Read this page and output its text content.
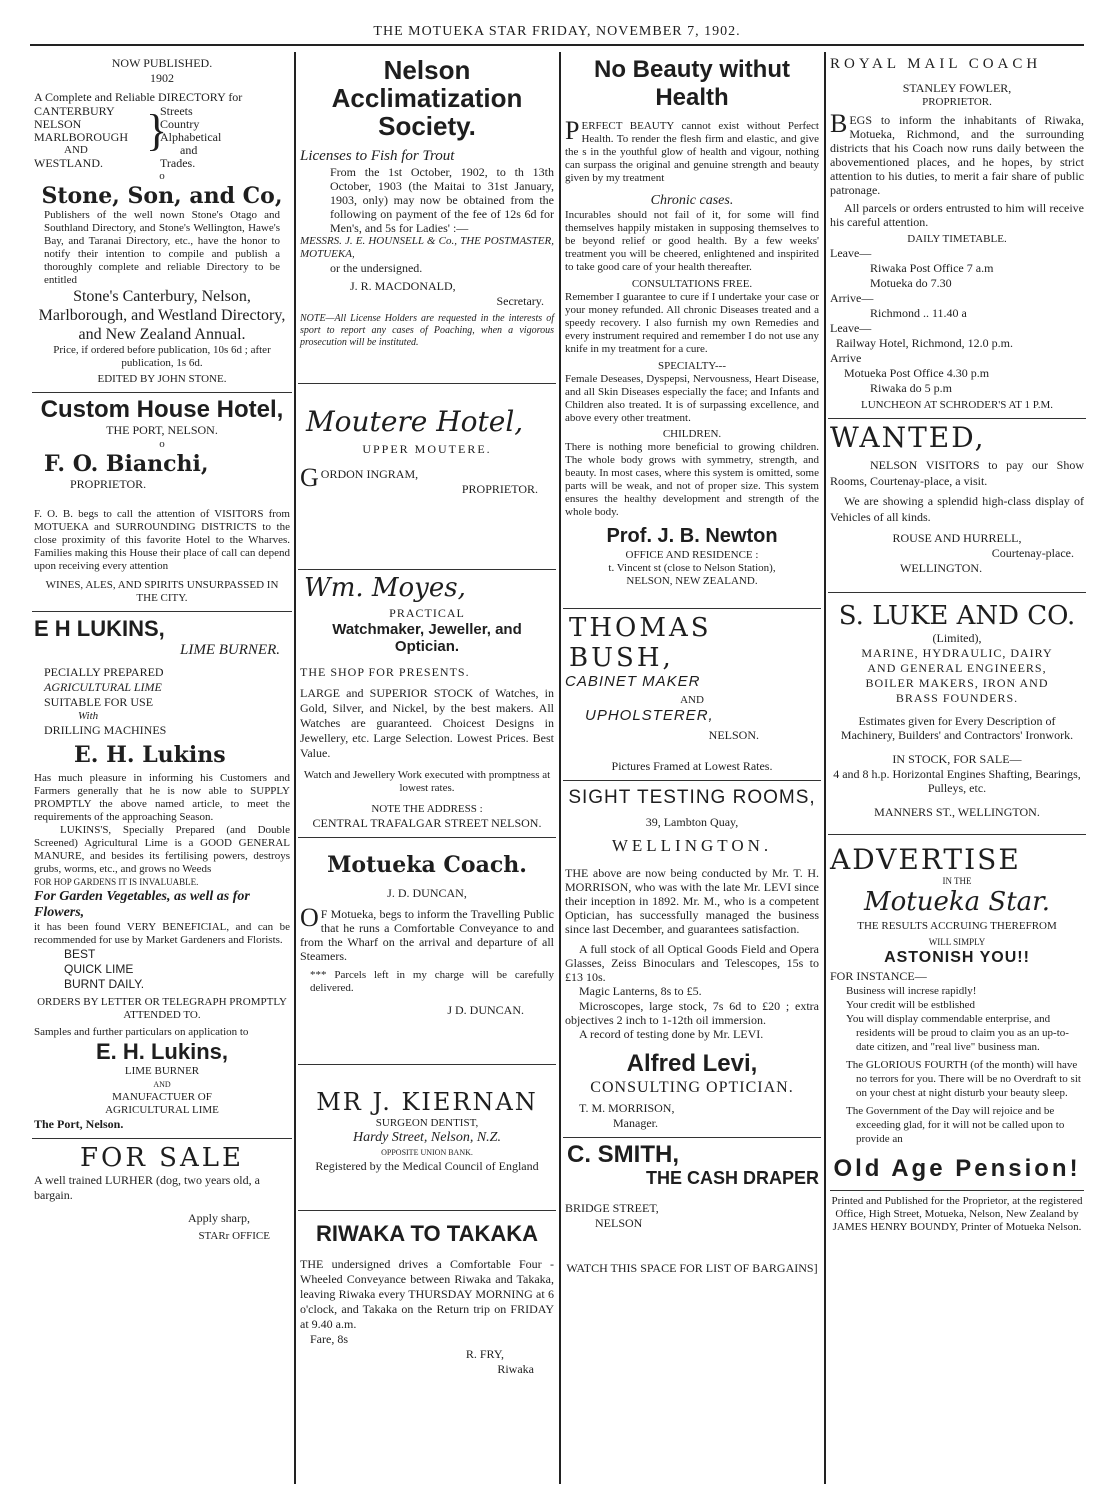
THE MOTUEKA STAR FRIDAY, NOVEMBER 7, 1902.
NOW PUBLISHED.
1902
A Complete and Reliable DIRECTORY for
CANTERBURY
NELSON
MARLBOROUGH
AND
WESTLAND.
}
Streets
Country
Alphabetical
and
Trades.
o
Stone, Son, and Co,
Publishers of the well nown Stone's Otago and Southland Directory, and Stone's Wellington, Hawe's Bay, and Taranai Directory, etc., have the honor to notify their intention to compile and publish a thoroughly complete and reliable Directory to be entitled
Stone's Canterbury, Nelson, Marlborough, and Westland Directory, and New Zealand Annual.
Price, if ordered before publication, 10s 6d ; after publication, 1s 6d.
EDITED BY JOHN STONE.
Custom House Hotel,
THE PORT, NELSON.
o
F. O. Bianchi,
PROPRIETOR.
F. O. B. begs to call the attention of VISITORS from MOTUEKA and SURROUNDING DISTRICTS to the close proximity of this favorite Hotel to the Wharves. Families making this House their place of call can depend upon receiving every attention
WINES, ALES, AND SPIRITS UNSURPASSED IN THE CITY.
E H LUKINS,
LIME BURNER.
PECIALLY PREPARED
AGRICULTURAL LIME
SUITABLE FOR USE
With
DRILLING MACHINES
E. H. Lukins
Has much pleasure in informing his Customers and Farmers generally that he is now able to SUPPLY PROMPTLY the above named article, to meet the requirements of the approaching Season.
LUKINS'S, Specially Prepared (and Double Screened) Agricultural Lime is a GOOD GENERAL MANURE, and besides its fertilising powers, destroys grubs, worms, etc., and grows no Weeds
FOR HOP GARDENS IT IS INVALUABLE.
For Garden Vegetables, as well as for Flowers,
it has been found VERY BENEFICIAL, and can be recommended for use by Market Gardeners and Florists.
BEST
QUICK LIME
BURNT DAILY.
ORDERS BY LETTER OR TELEGRAPH PROMPTLY ATTENDED TO.
Samples and further particulars on application to
E. H. Lukins,
LIME BURNER
AND
MANUFACTUER OF
AGRICULTURAL LIME
The Port, Nelson.
FOR SALE
A well trained LURHER (dog, two years old, a bargain.
Apply sharp,
STARr OFFICE
Nelson Acclimatization Society.
Licenses to Fish for Trout
From the 1st October, 1902, to th 13th October, 1903 (the Maitai to 31st January, 1903, only) may now be obtained from the following on payment of the fee of 12s 6d for Men's, and 5s for Ladies' :—
MESSRS. J. E. HOUNSELL & Co., THE POSTMASTER, MOTUEKA,
or the undersigned.
J. R. MACDONALD,
Secretary.
NOTE—All License Holders are requested in the interests of sport to report any cases of Poaching, when a vigorous prosecution will be instituted.
Moutere Hotel,
UPPER MOUTERE.
GORDON INGRAM,
PROPRIETOR.
Wm. Moyes,
PRACTICAL
Watchmaker, Jeweller, and Optician.
THE SHOP FOR PRESENTS.
LARGE and SUPERIOR STOCK of Watches, in Gold, Silver, and Nickel, by the best makers. All Watches are guaranteed. Choicest Designs in Jewellery, etc. Large Selection. Lowest Prices. Best Value.
Watch and Jewellery Work executed with promptness at lowest rates.
NOTE THE ADDRESS :
CENTRAL TRAFALGAR STREET NELSON.
Motueka Coach.
J. D. DUNCAN,
OF Motueka, begs to inform the Travelling Public that he runs a Comfortable Conveyance to and from the Wharf on the arrival and departure of all Steamers.
*** Parcels left in my charge will be carefully delivered.
J D. DUNCAN.
MR J. KIERNAN
SURGEON DENTIST,
Hardy Street, Nelson, N.Z.
OPPOSITE UNION BANK.
Registered by the Medical Council of England
RIWAKA TO TAKAKA
THE undersigned drives a Comfortable Four - Wheeled Conveyance between Riwaka and Takaka, leaving Riwaka every THURSDAY MORNING at 6 o'clock, and Takaka on the Return trip on FRIDAY at 9.40 a.m.
Fare, 8s
R. FRY,
Riwaka
No Beauty withut Health
PERFECT BEAUTY cannot exist without Perfect Health. To render the flesh firm and elastic, and give the s in the youthful glow of health and vigour, nothing can surpass the original and genuine strength and beauty given by my treatment
Chronic cases.
Incurables should not fail of it, for some will find themselves happily mistaken in supposing themselves to be beyond relief or good health. By a few weeks' treatment you will be cheered, enlightened and inspirited to take good care of your health thereafter.
CONSULTATIONS FREE.
Remember I guarantee to cure if I undertake your case or your money refunded. All chronic Diseases treated and a speedy recovery. I also furnish my own Remedies and every instrument required and remember I do not use any knife in my treatment for a cure.
SPECIALTY---
Female Deseases, Dyspepsi, Nervousness, Heart Disease, and all Skin Diseases especially the face; and Infants and Children also treated. It is of surpassing excellence, and above every other treatment.
CHILDREN.
There is nothing more beneficial to growing children. The whole body grows with symmetry, strength, and beauty. In most cases, where this system is omitted, some parts will be weak, and not of proper size. This system ensures the healthy development and strength of the whole body.
Prof. J. B. Newton
OFFICE AND RESIDENCE :
t. Vincent st (close to Nelson Station),
NELSON, NEW ZEALAND.
THOMAS BUSH,
CABINET MAKER
AND
UPHOLSTERER,
NELSON.
Pictures Framed at Lowest Rates.
SIGHT TESTING ROOMS,
39, Lambton Quay,
WELLINGTON.
THE above are now being conducted by Mr. T. H. MORRISON, who was with the late Mr. LEVI since their inception in 1892. Mr. M., who is a competent Optician, has successfully managed the business since last December, and guarantees satisfaction.
A full stock of all Optical Goods Field and Opera Glasses, Zeiss Binoculars and Telescopes, 15s to £13 10s.
Magic Lanterns, 8s to £5.
Microscopes, large stock, 7s 6d to £20 ; extra objectives 2 inch to 1-12th oil immersion.
A record of testing done by Mr. LEVI.
Alfred Levi,
CONSULTING OPTICIAN.
T. M. MORRISON,
Manager.
C. SMITH,
THE CASH DRAPER
BRIDGE STREET,
NELSON
WATCH THIS SPACE FOR LIST OF BARGAINS]
ROYAL MAIL COACH
STANLEY FOWLER,
PROPRIETOR.
BEGS to inform the inhabitants of Riwaka, Motueka, Richmond, and the surrounding districts that his Coach now runs daily between the abovementioned places, and he hopes, by strict attention to his duties, to merit a fair share of public patronage.
All parcels or orders entrusted to him will receive his careful attention.
DAILY TIMETABLE.
Leave—
Riwaka Post Office 7 a.m
Motueka do 7.30
Arrive—
Richmond .. 11.40 a
Leave—
Railway Hotel, Richmond, 12.0 p.m.
Arrive
Motueka Post Office 4.30 p.m
Riwaka do 5 p.m
LUNCHEON AT SCHRODER'S AT 1 P.M.
WANTED,
NELSON VISITORS to pay our Show Rooms, Courtenay-place, a visit.
We are showing a splendid high-class display of Vehicles of all kinds.
ROUSE AND HURRELL,
Courtenay-place.
WELLINGTON.
S. LUKE AND CO.
(Limited),
MARINE, HYDRAULIC, DAIRY
AND GENERAL ENGINEERS,
BOILER MAKERS, IRON AND
BRASS FOUNDERS.
Estimates given for Every Description of Machinery, Builders' and Contractors' Ironwork.
IN STOCK, FOR SALE—
4 and 8 h.p. Horizontal Engines Shafting, Bearings, Pulleys, etc.
MANNERS ST., WELLINGTON.
ADVERTISE
IN THE
Motueka Star.
THE RESULTS ACCRUING THEREFROM
WILL SIMPLY
ASTONISH YOU!!
FOR INSTANCE—
Business will increse rapidly!
Your credit will be estblished
You will display commendable enterprise, and residents will be proud to claim you as an up-to-date citizen, and "real live" business man.
The GLORIOUS FOURTH (of the month) will have no terrors for you. There will be no Overdraft to sit on your chest at night disturb your beauty sleep.
The Government of the Day will rejoice and be exceeding glad, for it will not be called upon to provide an
Old Age Pension!
Printed and Published for the Proprietor, at the registered Office, High Street, Motueka, Nelson, New Zealand by JAMES HENRY BOUNDY, Printer of Motueka Nelson.
